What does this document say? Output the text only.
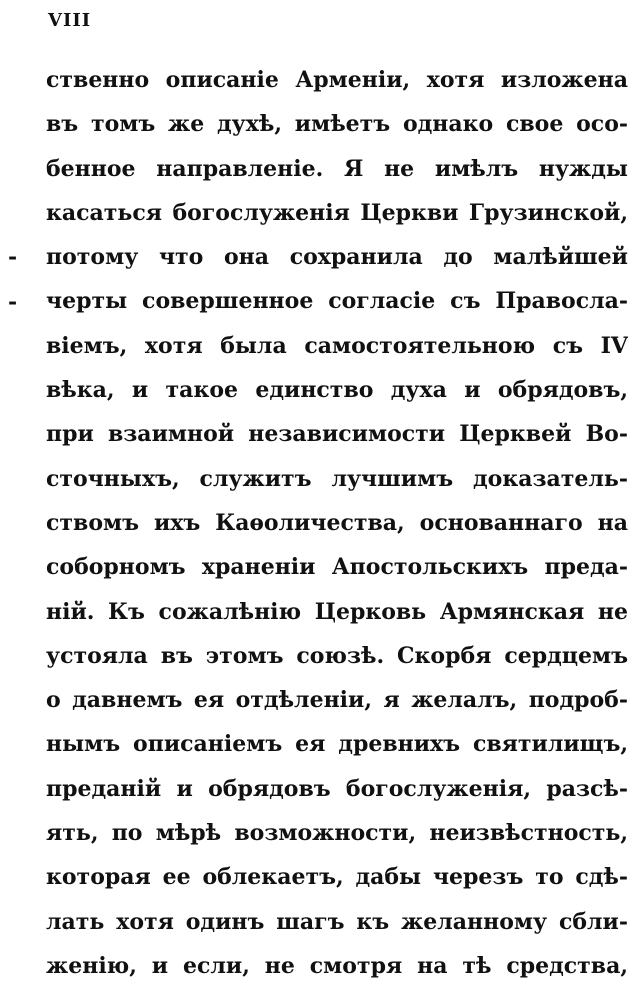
VIII
-
-
ственно описаніе Арменіи, хотя изложена
въ томъ же духѣ, имѣетъ однако свое осо-
бенное направленіе. Я не имѣлъ нужды
касаться богослуженія Церкви Грузинской,
потому что она сохранила до малѣйшей
черты совершенное согласіе съ Правосла-
віемъ, хотя была самостоятельною съ IV
вѣка, и такое единство духа и обрядовъ,
при взаимной независимости Церквей Во-
сточныхъ, служитъ лучшимъ доказатель-
ствомъ ихъ Каѳоличества, основаннаго на
соборномъ храненіи Апостольскихъ преда-
ній. Къ сожалѣнію Церковь Армянская не
устояла въ этомъ союзѣ. Скорбя сердцемъ
о давнемъ ея отдѣленіи, я желалъ, подроб-
нымъ описаніемъ ея древнихъ святилищъ,
преданій и обрядовъ богослуженія, разсѣ-
ять, по мѣрѣ возможности, неизвѣстность,
которая ее облекаетъ, дабы черезъ то сдѣ-
лать хотя одинъ шагъ къ желанному сбли-
женію, и если, не смотря на тѣ средства,
